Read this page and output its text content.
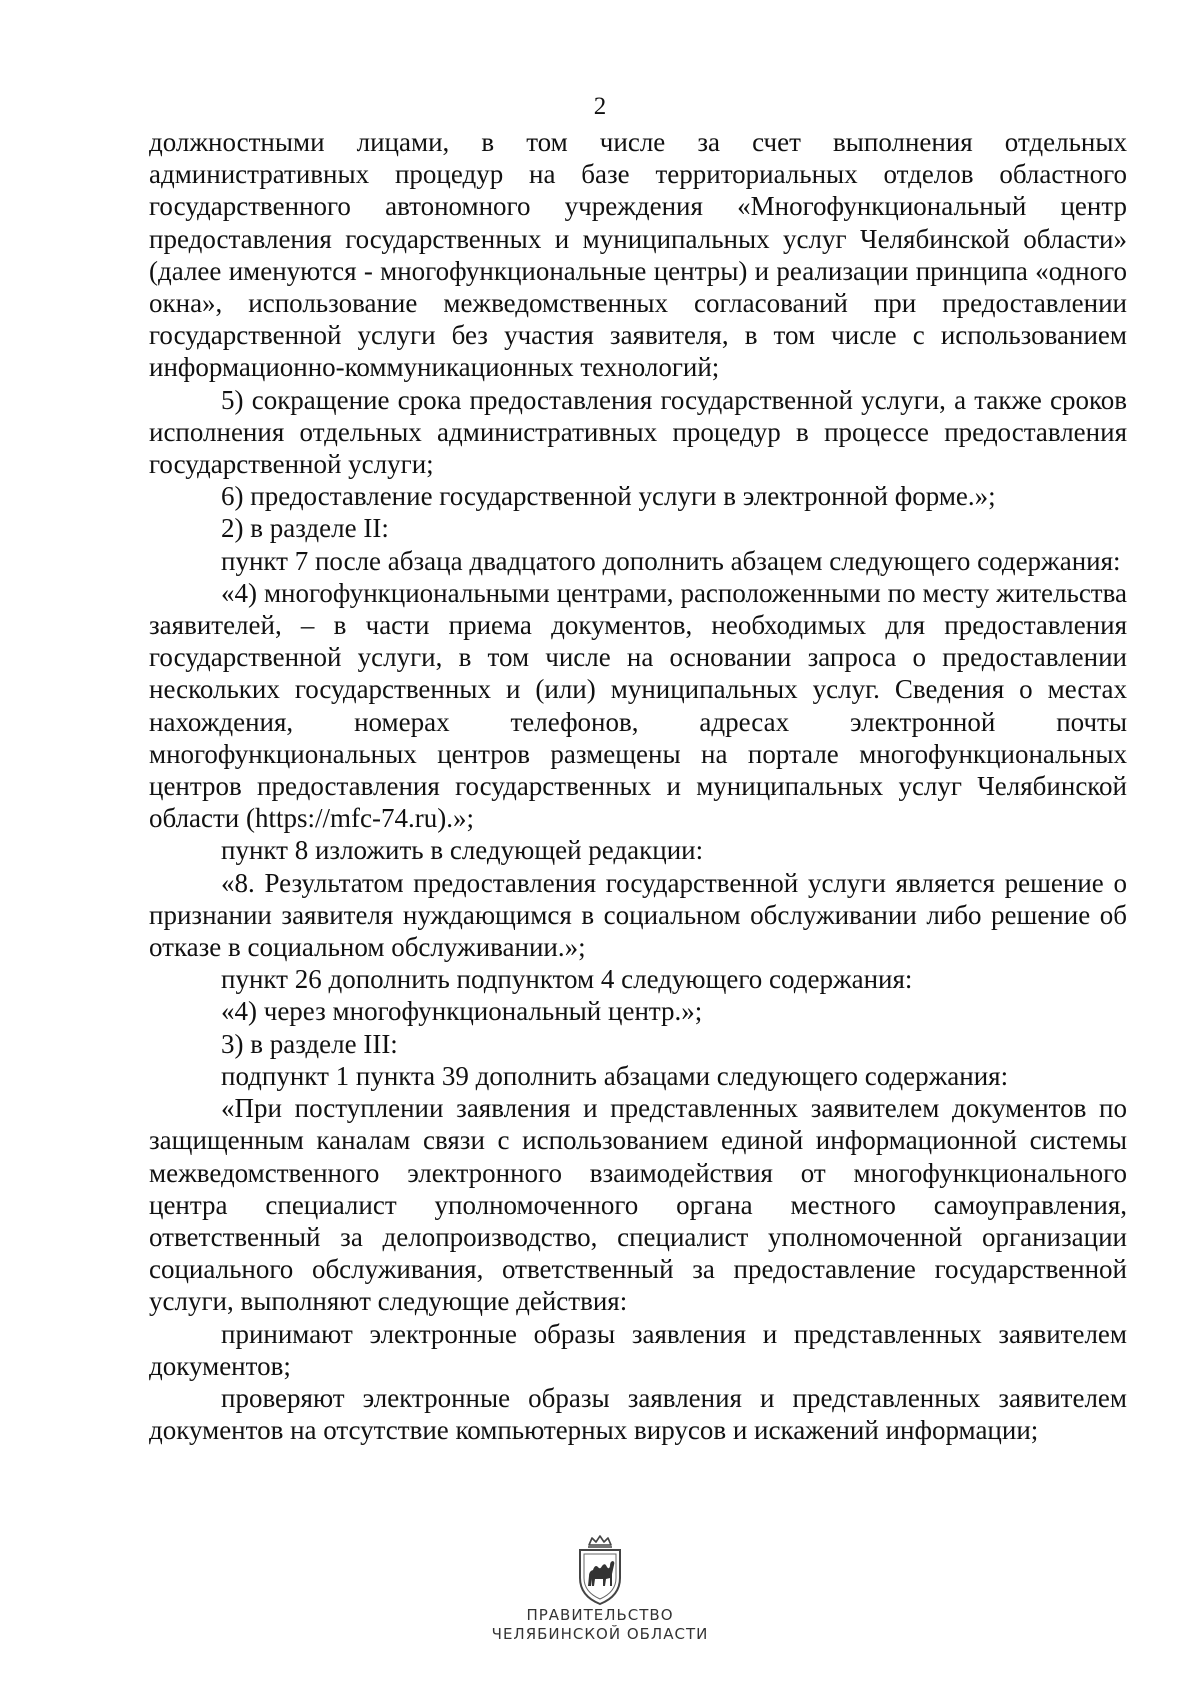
2

должностными лицами, в том числе за счет выполнения отдельных административных процедур на базе территориальных отделов областного государственного автономного учреждения «Многофункциональный центр предоставления государственных и муниципальных услуг Челябинской области» (далее именуются - многофункциональные центры) и реализации принципа «одного окна», использование межведомственных согласований при предоставлении государственной услуги без участия заявителя, в том числе с использованием информационно-коммуникационных технологий;

5) сокращение срока предоставления государственной услуги, а также сроков исполнения отдельных административных процедур в процессе предоставления государственной услуги;

6) предоставление государственной услуги в электронной форме.»;

2) в разделе II:

пункт 7 после абзаца двадцатого дополнить абзацем следующего содержания:

«4) многофункциональными центрами, расположенными по месту жительства заявителей, – в части приема документов, необходимых для предоставления государственной услуги, в том числе на основании запроса о предоставлении нескольких государственных и (или) муниципальных услуг. Сведения о местах нахождения, номерах телефонов, адресах электронной почты многофункциональных центров размещены на портале многофункциональных центров предоставления государственных и муниципальных услуг Челябинской области (https://mfc-74.ru).»;

пункт 8 изложить в следующей редакции:

«8. Результатом предоставления государственной услуги является решение о признании заявителя нуждающимся в социальном обслуживании либо решение об отказе в социальном обслуживании.»;

пункт 26 дополнить подпунктом 4 следующего содержания:

«4) через многофункциональный центр.»;

3) в разделе III:

подпункт 1 пункта 39 дополнить абзацами следующего содержания:

«При поступлении заявления и представленных заявителем документов по защищенным каналам связи с использованием единой информационной системы межведомственного электронного взаимодействия от многофункционального центра специалист уполномоченного органа местного самоуправления, ответственный за делопроизводство, специалист уполномоченной организации социального обслуживания, ответственный за предоставление государственной услуги, выполняют следующие действия:

принимают электронные образы заявления и представленных заявителем документов;

проверяют электронные образы заявления и представленных заявителем документов на отсутствие компьютерных вирусов и искажений информации;

ПРАВИТЕЛЬСТВО
ЧЕЛЯБИНСКОЙ ОБЛАСТИ
